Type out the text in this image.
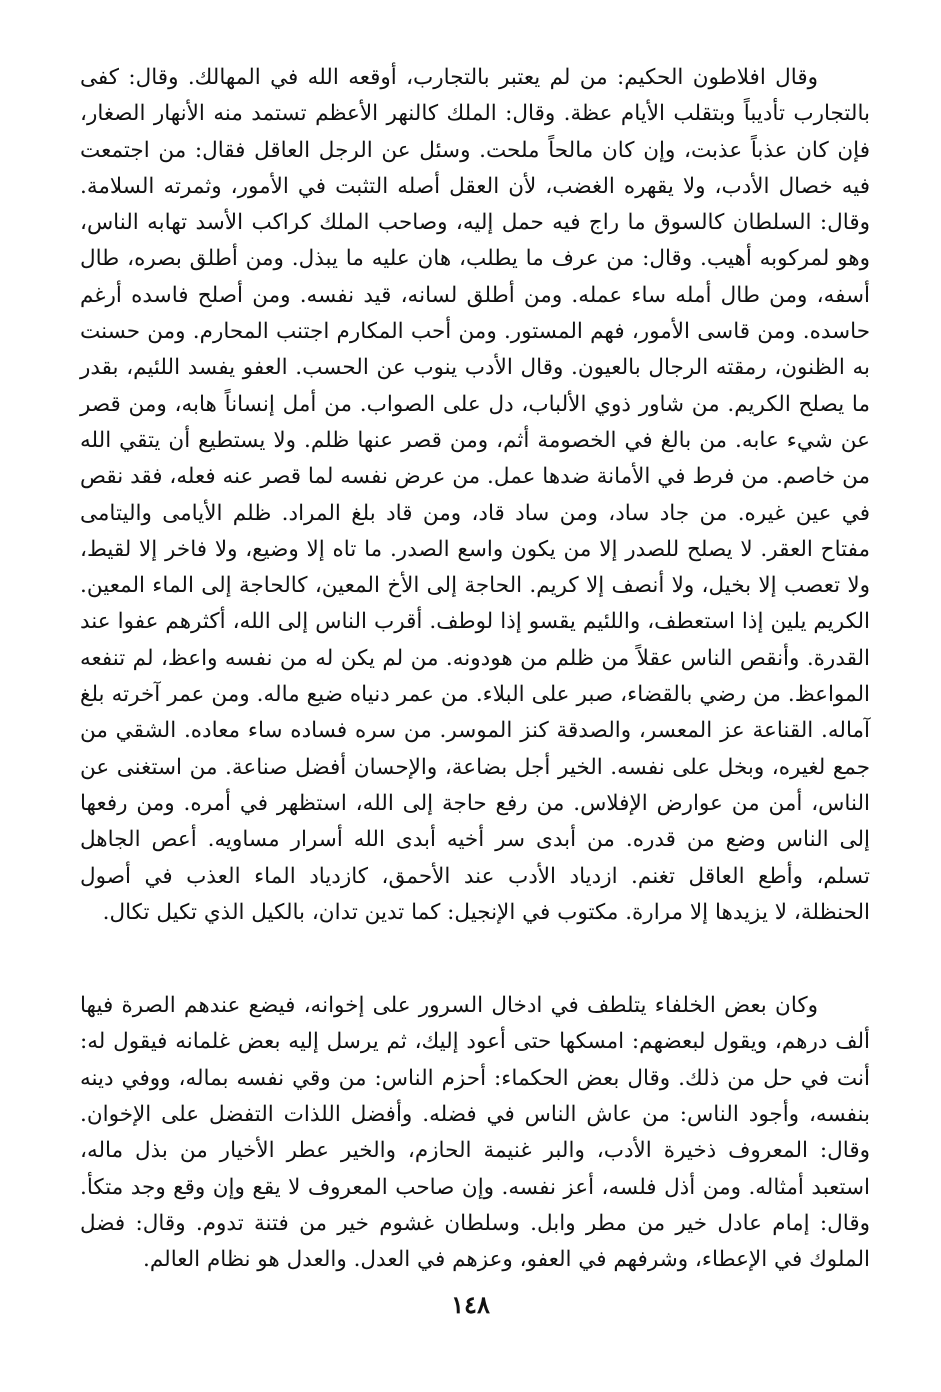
وقال افلاطون الحكيم: من لم يعتبر بالتجارب، أوقعه الله في المهالك. وقال: كفى بالتجارب تأديباً وبتقلب الأيام عظة. وقال: الملك كالنهر الأعظم تستمد منه الأنهار الصغار، فإن كان عذباً عذبت، وإن كان مالحاً ملحت. وسئل عن الرجل العاقل فقال: من اجتمعت فيه خصال الأدب، ولا يقهره الغضب، لأن العقل أصله التثبت في الأمور، وثمرته السلامة. وقال: السلطان كالسوق ما راج فيه حمل إليه، وصاحب الملك كراكب الأسد تهابه الناس، وهو لمركوبه أهيب. وقال: من عرف ما يطلب، هان عليه ما يبذل. ومن أطلق بصره، طال أسفه، ومن طال أمله ساء عمله. ومن أطلق لسانه، قيد نفسه. ومن أصلح فاسده أرغم حاسده. ومن قاسى الأمور، فهم المستور. ومن أحب المكارم اجتنب المحارم. ومن حسنت به الظنون، رمقته الرجال بالعيون. وقال الأدب ينوب عن الحسب. العفو يفسد اللئيم، بقدر ما يصلح الكريم. من شاور ذوي الألباب، دل على الصواب. من أمل إنساناً هابه، ومن قصر عن شيء عابه. من بالغ في الخصومة أثم، ومن قصر عنها ظلم. ولا يستطيع أن يتقي الله من خاصم. من فرط في الأمانة ضدها عمل. من عرض نفسه لما قصر عنه فعله، فقد نقص في عين غيره. من جاد ساد، ومن ساد قاد، ومن قاد بلغ المراد. ظلم الأيامى واليتامى مفتاح العقر. لا يصلح للصدر إلا من يكون واسع الصدر. ما تاه إلا وضيع، ولا فاخر إلا لقيط، ولا تعصب إلا بخيل، ولا أنصف إلا كريم. الحاجة إلى الأخ المعين، كالحاجة إلى الماء المعين. الكريم يلين إذا استعطف، واللئيم يقسو إذا لوطف. أقرب الناس إلى الله، أكثرهم عفوا عند القدرة. وأنقص الناس عقلاً من ظلم من هودونه. من لم يكن له من نفسه واعظ، لم تنفعه المواعظ. من رضي بالقضاء، صبر على البلاء. من عمر دنياه ضيع ماله. ومن عمر آخرته بلغ آماله. القناعة عز المعسر، والصدقة كنز الموسر. من سره فساده ساء معاده. الشقي من جمع لغيره، وبخل على نفسه. الخير أجل بضاعة، والإحسان أفضل صناعة. من استغنى عن الناس، أمن من عوارض الإفلاس. من رفع حاجة إلى الله، استظهر في أمره. ومن رفعها إلى الناس وضع من قدره. من أبدى سر أخيه أبدى الله أسرار مساويه. أعص الجاهل تسلم، وأطع العاقل تغنم. ازدياد الأدب عند الأحمق، كازدياد الماء العذب في أصول الحنظلة، لا يزيدها إلا مرارة. مكتوب في الإنجيل: كما تدين تدان، بالكيل الذي تكيل تكال.

وكان بعض الخلفاء يتلطف في ادخال السرور على إخوانه، فيضع عندهم الصرة فيها ألف درهم، ويقول لبعضهم: امسكها حتى أعود إليك، ثم يرسل إليه بعض غلمانه فيقول له: أنت في حل من ذلك. وقال بعض الحكماء: أحزم الناس: من وقي نفسه بماله، ووفي دينه بنفسه، وأجود الناس: من عاش الناس في فضله. وأفضل اللذات التفضل على الإخوان. وقال: المعروف ذخيرة الأدب، والبر غنيمة الحازم، والخير عطر الأخيار من بذل ماله، استعبد أمثاله. ومن أذل فلسه، أعز نفسه. وإن صاحب المعروف لا يقع وإن وقع وجد متكأ. وقال: إمام عادل خير من مطر وابل. وسلطان غشوم خير من فتنة تدوم. وقال: فضل الملوك في الإعطاء، وشرفهم في العفو، وعزهم في العدل. والعدل هو نظام العالم.

١٤٨
